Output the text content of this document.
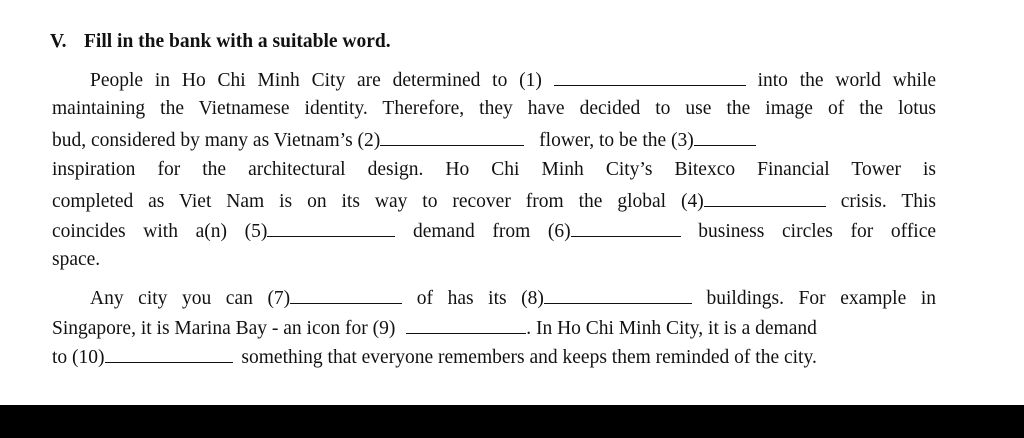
V. Fill in the bank with a suitable word.
People in Ho Chi Minh City are determined to (1)	into the world while
maintaining the Vietnamese identity. Therefore, they have decided to use the image of the lotus
bud, considered by many as Vietnam’s (2)	flower, to be the (3)
inspiration for the architectural design. Ho Chi Minh City’s Bitexco Financial Tower is
completed as Viet Nam is on its way to recover from the global (4)	crisis. This
coincides with a(n) (5)	demand from (6)	business circles for office
space.
Any city you can (7)	of has its (8)	buildings. For example in
Singapore, it is Marina Bay - an icon for (9)	. In Ho Chi Minh City, it is a demand
to (10)	something that everyone remembers and keeps them reminded of the city.
